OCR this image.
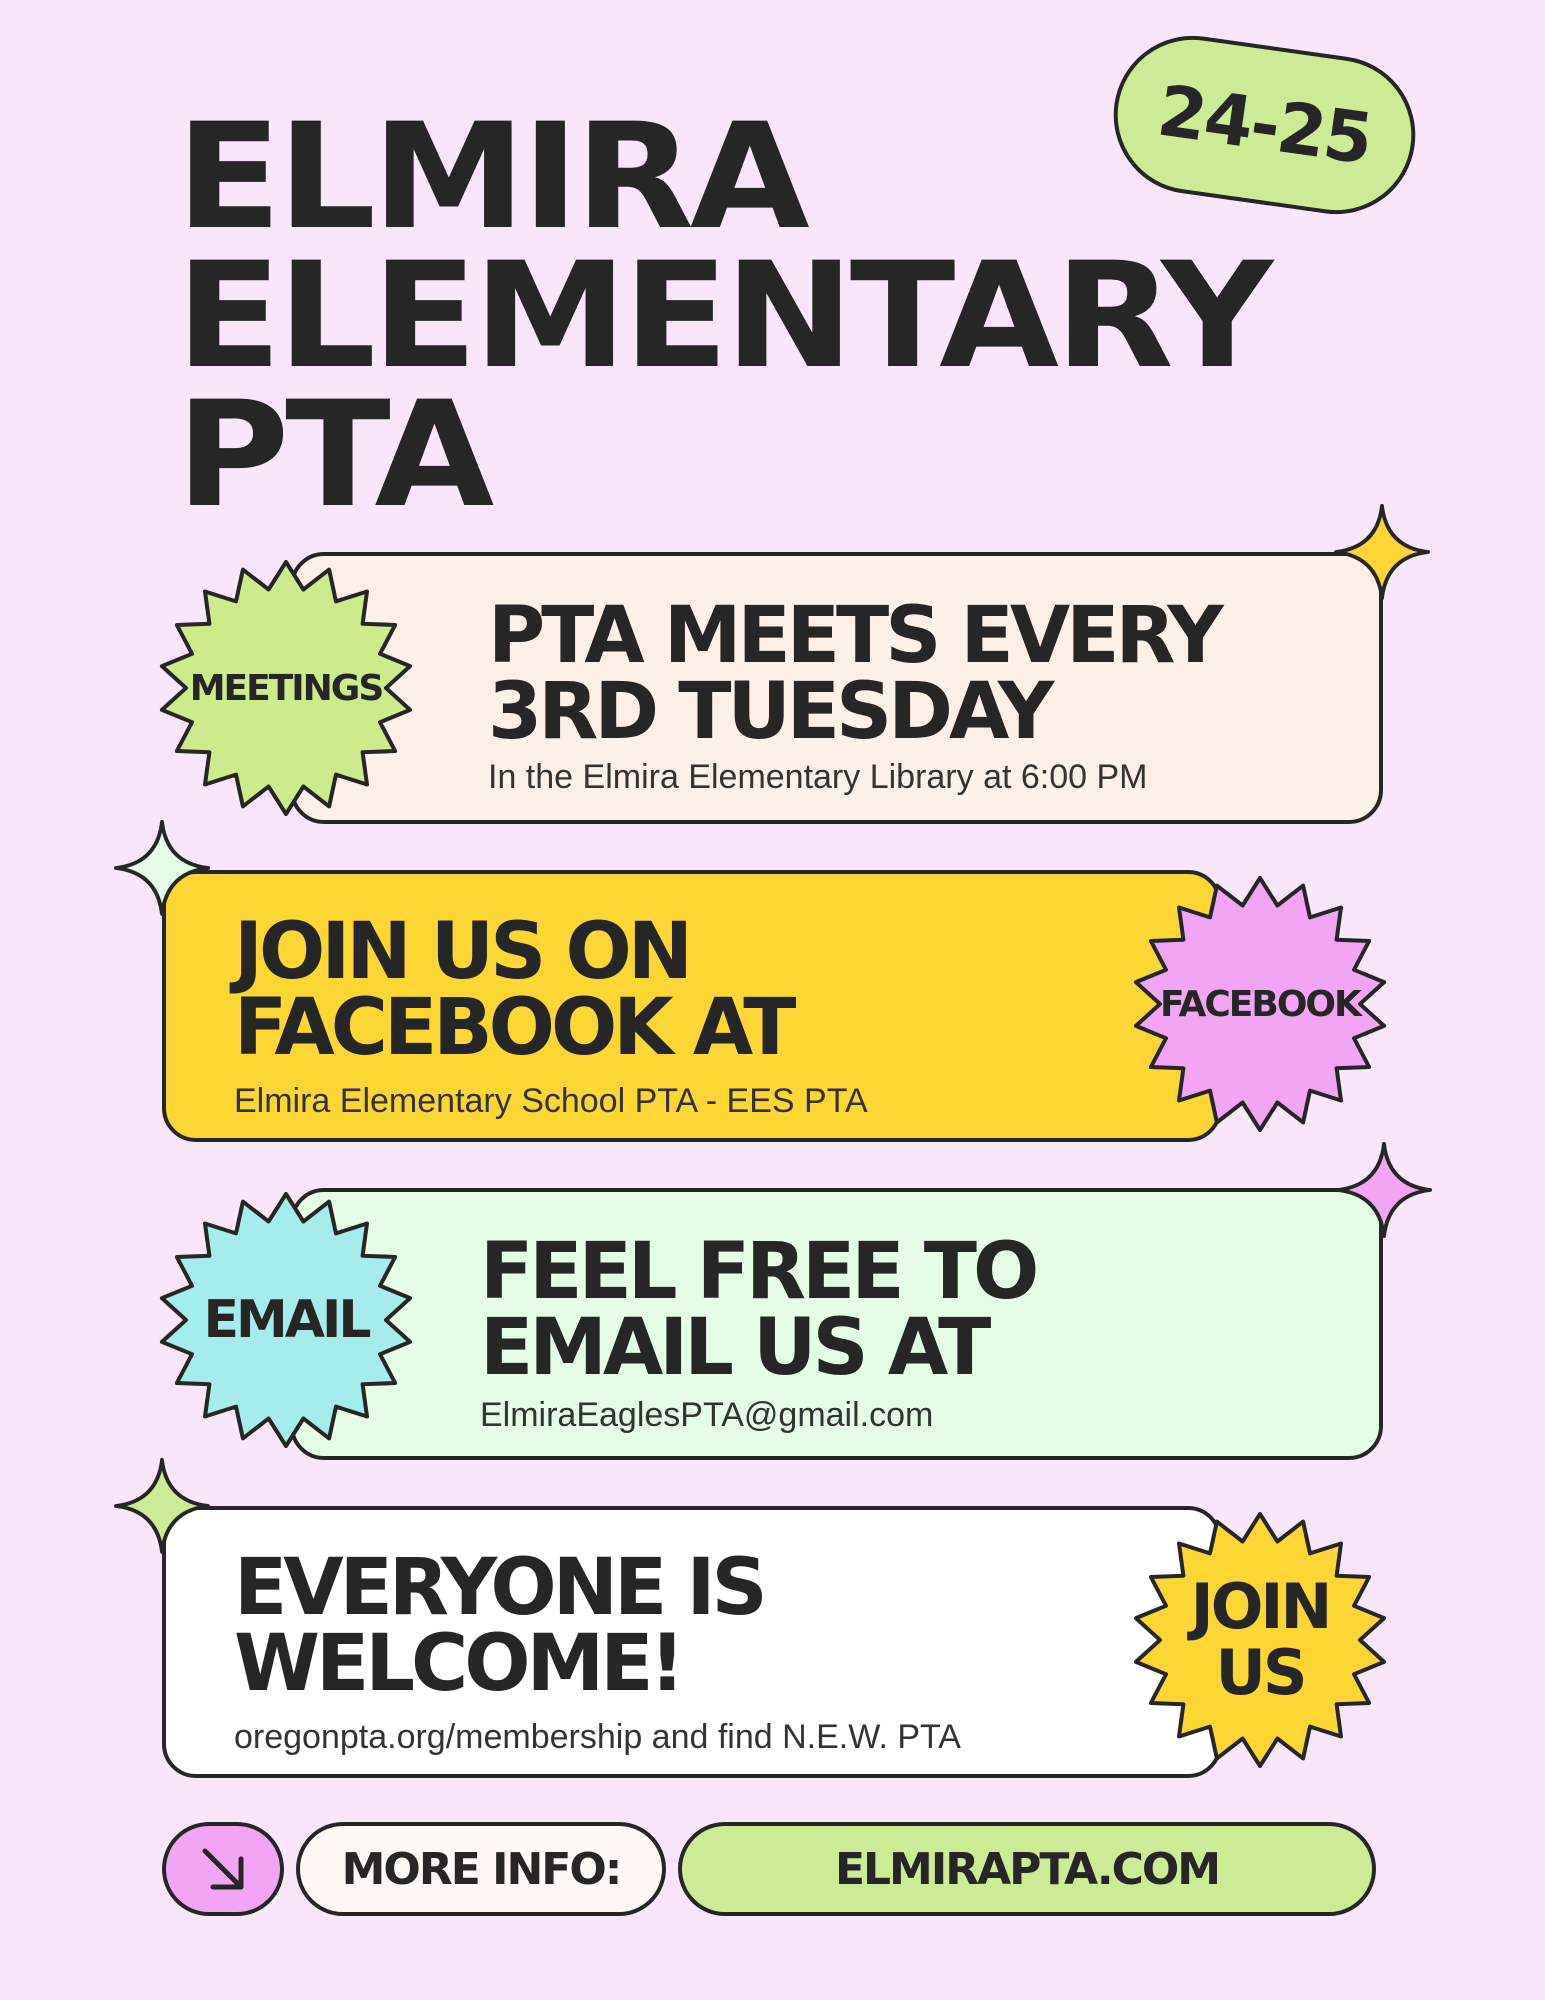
ELMIRA
ELEMENTARY
PTA
24-25
PTA MEETS EVERY
3RD TUESDAY
In the Elmira Elementary Library at 6:00 PM
MEETINGS
JOIN US ON
FACEBOOK AT
Elmira Elementary School PTA - EES PTA
FACEBOOK
FEEL FREE TO
EMAIL US AT
ElmiraEaglesPTA@gmail.com
EMAIL
EVERYONE IS
WELCOME!
oregonpta.org/membership and find N.E.W. PTA
JOIN
US
MORE INFO:	ELMIRAPTA.COM
